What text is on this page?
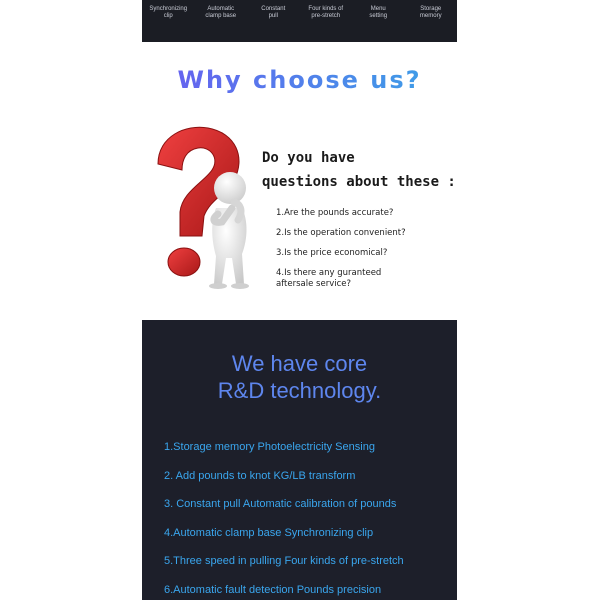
Synchronizing
clip
Automatic
clamp base
Constant
pull
Four kinds of
pre-stretch
Menu
setting
Storage
memory
Why choose us?
Do you have
questions about these :
1.Are the pounds accurate?
2.Is the operation convenient?
3.Is the price economical?
4.Is there any guranteed
aftersale service?
We have core
R&D technology.
1.Storage memory Photoelectricity Sensing
2. Add pounds to knot KG/LB transform
3. Constant pull Automatic calibration of pounds
4.Automatic clamp base Synchronizing clip
5.Three speed in pulling Four kinds of pre-stretch
6.Automatic fault detection Pounds precision
